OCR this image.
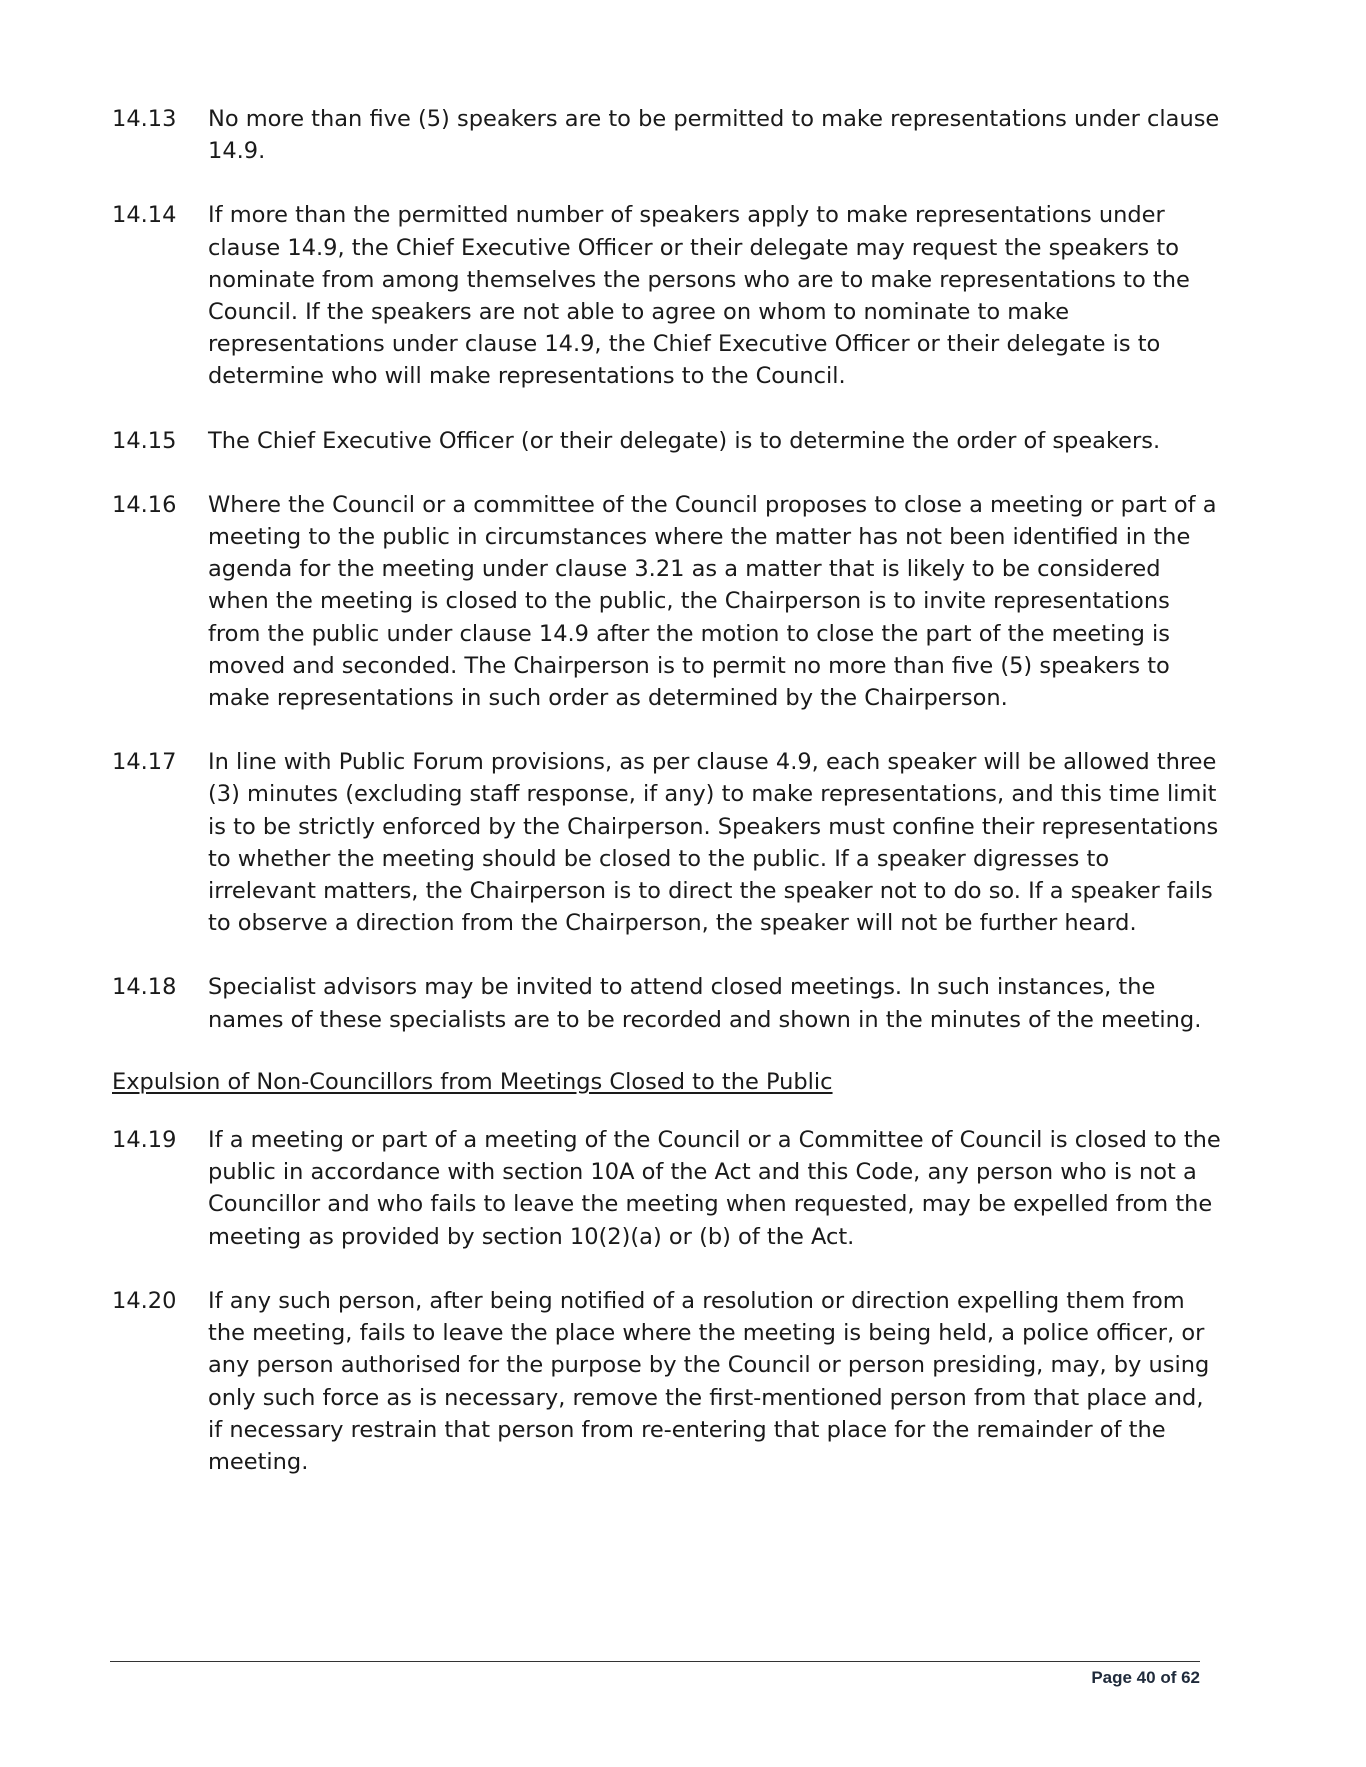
14.13	No more than five (5) speakers are to be permitted to make representations under clause 14.9.
14.14	If more than the permitted number of speakers apply to make representations under clause 14.9, the Chief Executive Officer or their delegate may request the speakers to nominate from among themselves the persons who are to make representations to the Council. If the speakers are not able to agree on whom to nominate to make representations under clause 14.9, the Chief Executive Officer or their delegate is to determine who will make representations to the Council.
14.15	The Chief Executive Officer (or their delegate) is to determine the order of speakers.
14.16	Where the Council or a committee of the Council proposes to close a meeting or part of a meeting to the public in circumstances where the matter has not been identified in the agenda for the meeting under clause 3.21 as a matter that is likely to be considered when the meeting is closed to the public, the Chairperson is to invite representations from the public under clause 14.9 after the motion to close the part of the meeting is moved and seconded. The Chairperson is to permit no more than five (5) speakers to make representations in such order as determined by the Chairperson.
14.17	In line with Public Forum provisions, as per clause 4.9, each speaker will be allowed three (3) minutes (excluding staff response, if any) to make representations, and this time limit is to be strictly enforced by the Chairperson. Speakers must confine their representations to whether the meeting should be closed to the public. If a speaker digresses to irrelevant matters, the Chairperson is to direct the speaker not to do so. If a speaker fails to observe a direction from the Chairperson, the speaker will not be further heard.
14.18	Specialist advisors may be invited to attend closed meetings. In such instances, the names of these specialists are to be recorded and shown in the minutes of the meeting.
Expulsion of Non-Councillors from Meetings Closed to the Public
14.19	If a meeting or part of a meeting of the Council or a Committee of Council is closed to the public in accordance with section 10A of the Act and this Code, any person who is not a Councillor and who fails to leave the meeting when requested, may be expelled from the meeting as provided by section 10(2)(a) or (b) of the Act.
14.20	If any such person, after being notified of a resolution or direction expelling them from the meeting, fails to leave the place where the meeting is being held, a police officer, or any person authorised for the purpose by the Council or person presiding, may, by using only such force as is necessary, remove the first-mentioned person from that place and, if necessary restrain that person from re-entering that place for the remainder of the meeting.
Page 40 of 62
